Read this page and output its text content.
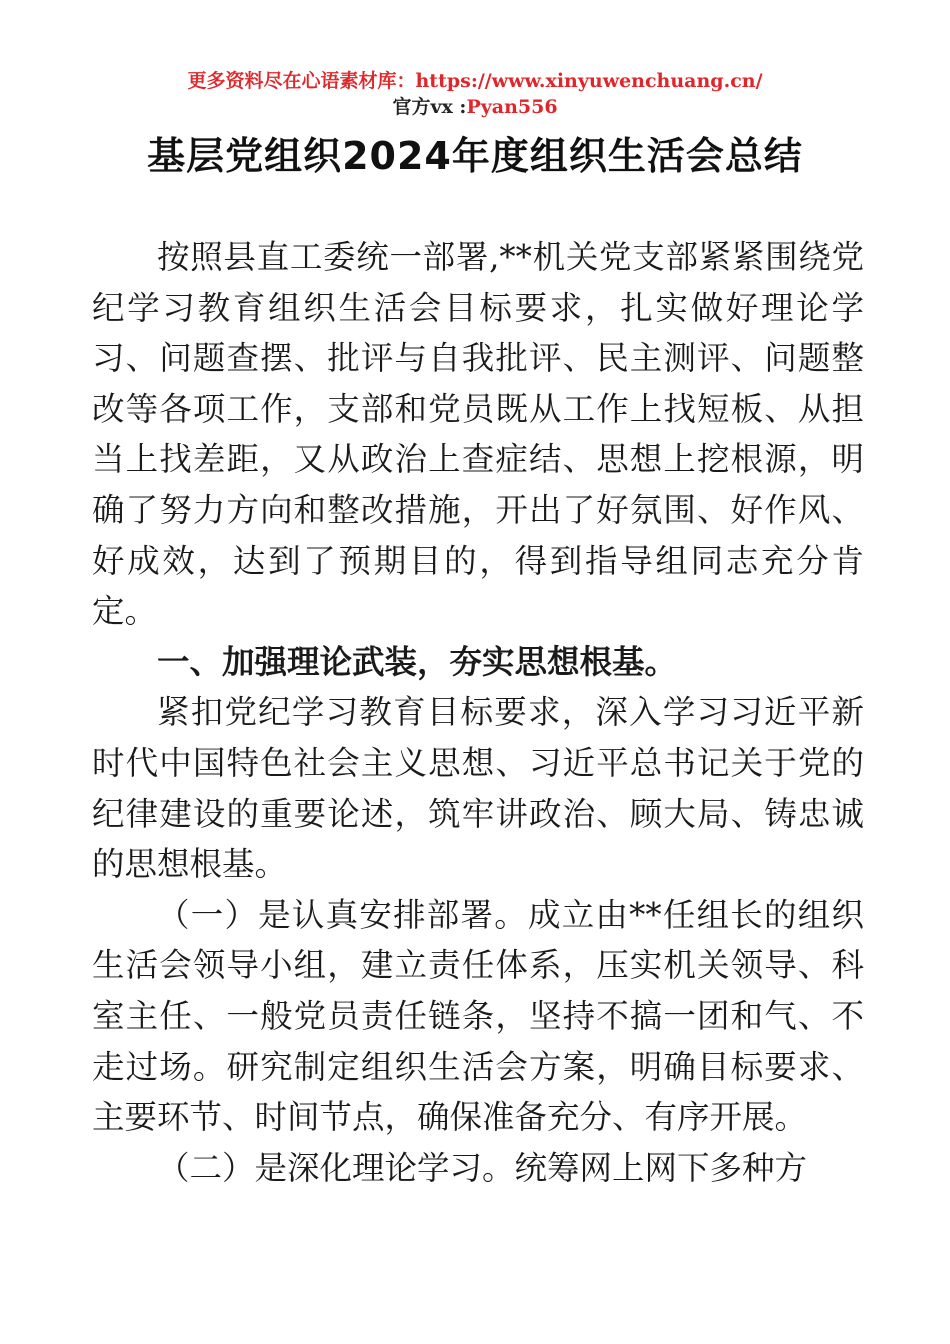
更多资料尽在心语素材库：https://www.xinyuwenchuang.cn/
官方vx :Pyan556
基层党组织2024年度组织生活会总结

按照县直工委统一部署,**机关党支部紧紧围绕党纪学习教育组织生活会目标要求，扎实做好理论学习、问题查摆、批评与自我批评、民主测评、问题整改等各项工作，支部和党员既从工作上找短板、从担当上找差距，又从政治上查症结、思想上挖根源，明确了努力方向和整改措施，开出了好氛围、好作风、好成效，达到了预期目的，得到指导组同志充分肯定。

一、加强理论武装，夯实思想根基。

紧扣党纪学习教育目标要求，深入学习习近平新时代中国特色社会主义思想、习近平总书记关于党的纪律建设的重要论述，筑牢讲政治、顾大局、铸忠诚的思想根基。

（一）是认真安排部署。成立由**任组长的组织生活会领导小组，建立责任体系，压实机关领导、科室主任、一般党员责任链条，坚持不搞一团和气、不走过场。研究制定组织生活会方案，明确目标要求、主要环节、时间节点，确保准备充分、有序开展。

（二）是深化理论学习。统筹网上网下多种方
